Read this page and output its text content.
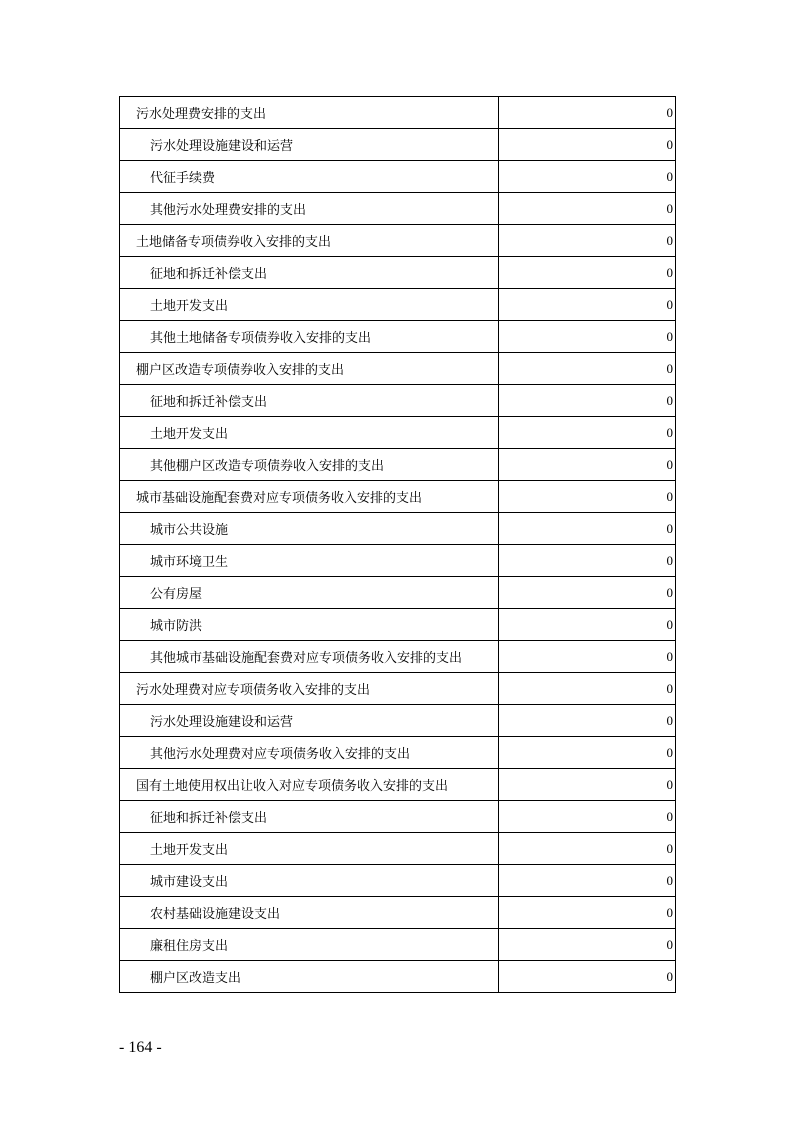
污水处理费安排的支出	0
污水处理设施建设和运营	0
代征手续费	0
其他污水处理费安排的支出	0
土地储备专项债券收入安排的支出	0
征地和拆迁补偿支出	0
土地开发支出	0
其他土地储备专项债券收入安排的支出	0
棚户区改造专项债券收入安排的支出	0
征地和拆迁补偿支出	0
土地开发支出	0
其他棚户区改造专项债券收入安排的支出	0
城市基础设施配套费对应专项债务收入安排的支出	0
城市公共设施	0
城市环境卫生	0
公有房屋	0
城市防洪	0
其他城市基础设施配套费对应专项债务收入安排的支出	0
污水处理费对应专项债务收入安排的支出	0
污水处理设施建设和运营	0
其他污水处理费对应专项债务收入安排的支出	0
国有土地使用权出让收入对应专项债务收入安排的支出	0
征地和拆迁补偿支出	0
土地开发支出	0
城市建设支出	0
农村基础设施建设支出	0
廉租住房支出	0
棚户区改造支出	0
- 164 -
